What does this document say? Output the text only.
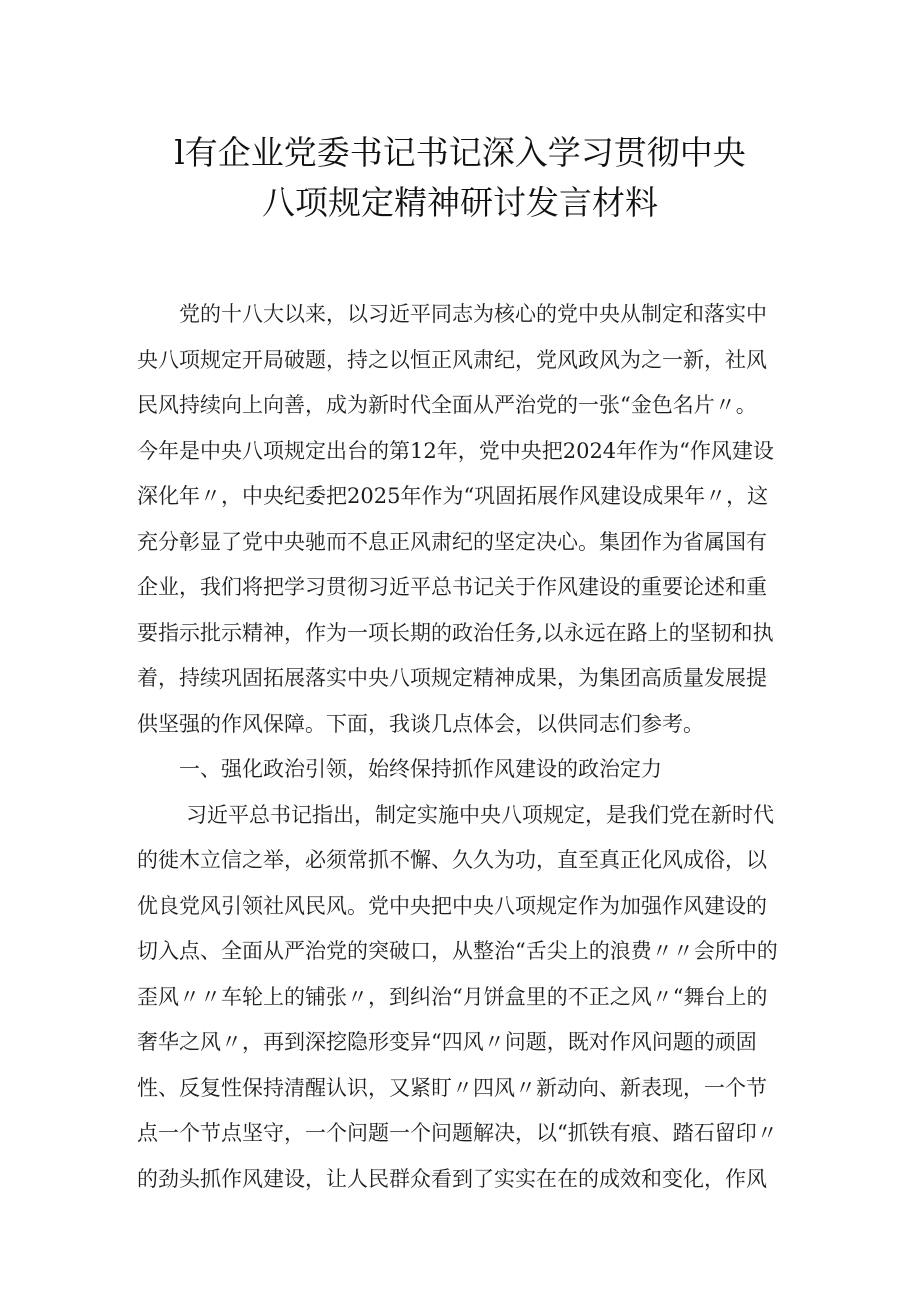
l有企业党委书记书记深入学习贯彻中央
八项规定精神研讨发言材料

党的十八大以来，以习近平同志为核心的党中央从制定和落实中

央八项规定开局破题，持之以恒正风肃纪，党风政风为之一新，社风

民风持续向上向善，成为新时代全面从严治党的一张“金色名片〃。

今年是中央八项规定出台的第12年，党中央把2024年作为“作风建设

深化年〃，中央纪委把2025年作为“巩固拓展作风建设成果年〃，这

充分彰显了党中央驰而不息正风肃纪的坚定决心。集团作为省属国有

企业，我们将把学习贯彻习近平总书记关于作风建设的重要论述和重

要指示批示精神，作为一项长期的政治任务,以永远在路上的坚韧和执

着，持续巩固拓展落实中央八项规定精神成果，为集团高质量发展提

供坚强的作风保障。下面，我谈几点体会，以供同志们参考。

一、强化政治引领，始终保持抓作风建设的政治定力

习近平总书记指出，制定实施中央八项规定，是我们党在新时代

的徙木立信之举，必须常抓不懈、久久为功，直至真正化风成俗，以

优良党风引领社风民风。党中央把中央八项规定作为加强作风建设的

切入点、全面从严治党的突破口，从整治“舌尖上的浪费〃〃会所中的

歪风〃〃车轮上的铺张〃，到纠治“月饼盒里的不正之风〃“舞台上的

奢华之风〃，再到深挖隐形变异“四风〃问题，既对作风问题的顽固

性、反复性保持清醒认识，又紧盯〃四风〃新动向、新表现，一个节

点一个节点坚守，一个问题一个问题解决，以“抓铁有痕、踏石留印〃

的劲头抓作风建设，让人民群众看到了实实在在的成效和变化，作风
